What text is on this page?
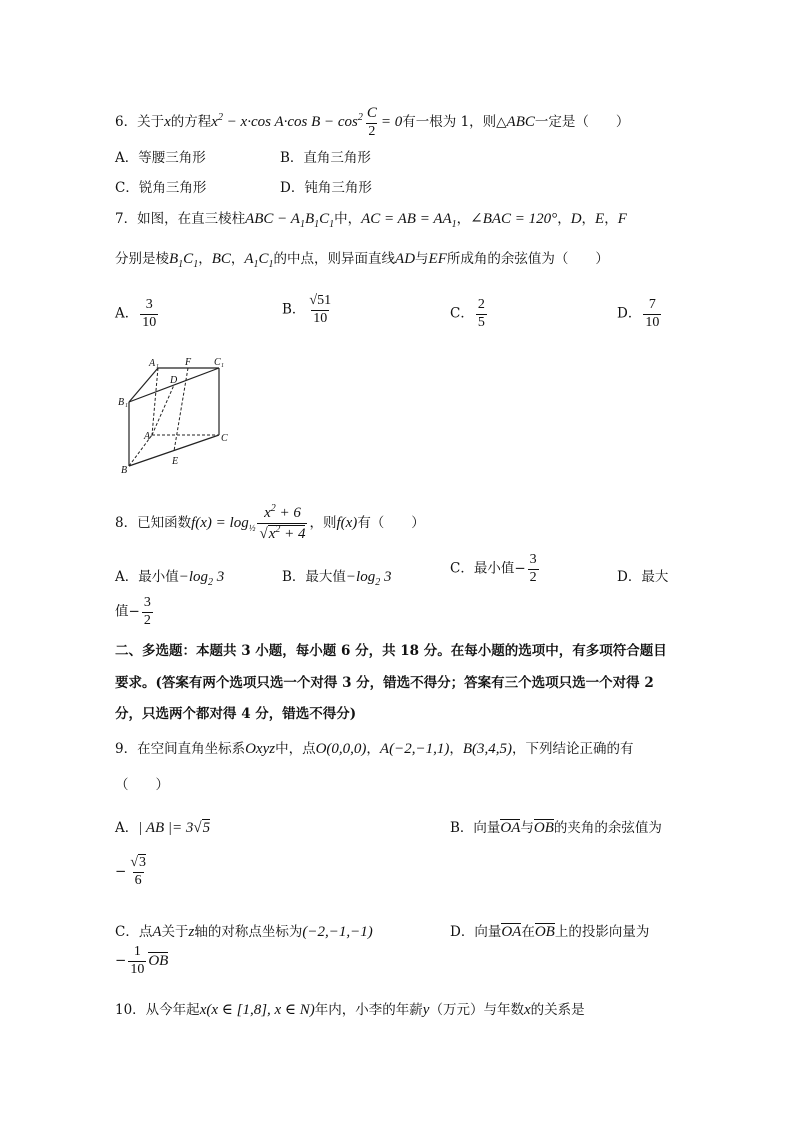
6．关于x的方程$x^2 - x\cdot\cos$ A·cos $B - \cos^2 \frac{C}{2} = 0$有一根为 1，则△ABC一定是（　　）
A．等腰三角形	B．直角三角形
C．锐角三角形	D．钝角三角形
7．如图，在直三棱柱ABC − $A_1B_1C_1$中，AC = AB = $AA_1$，∠BAC = 120°，D，E，F
分别是棱$B_1C_1$，BC，$A_1C_1$的中点，则异面直线AD与EF所成角的余弦值为（　　）
A． $\frac{3}{10}$	B． $\frac{√51}{10}$	C． $\frac{2}{5}$	D． $\frac{7}{10}$
A 1	F C 1
D
B 1
A	C
B
E
8．已知函数$f(x) = \log_{\frac{1}{2}} \frac{x^2 + 6}{√x^2 + 4}$ ，则f(x)有（　　）
A．最小值$-\log_2$ 3	B．最大值$-\log_2$ 3
C．最小值− $\frac{3}{2}$	D．最大
值− $\frac{3}{2}$
二、多选题：本题共 3 小题，每小题 6 分，共 18 分。在每小题的选项中，有多项符合题目
要求。(答案有两个选项只选一个对得 3 分，错选不得分；答案有三个选项只选一个对得 2
分，只选两个都对得 4 分，错选不得分)
9．在空间直角坐标系Oxyz中，点O(0,0,0)，A(−2,−1,1)，B(3,4,5)，下列结论正确的有
（　　）
A．| AB |= 3√5	B．向量OA与OB的夹角的余弦值为
− $\frac{√3}{6}$
C．点A关于z轴的对称点坐标为(−2,−1,−1)	D．向量OA在OB上的投影向量为
− $\frac{1}{10}$ OB
10．从今年起x(x ∈ [1,8], x ∈ N)年内，小李的年薪y（万元）与年数x的关系是
